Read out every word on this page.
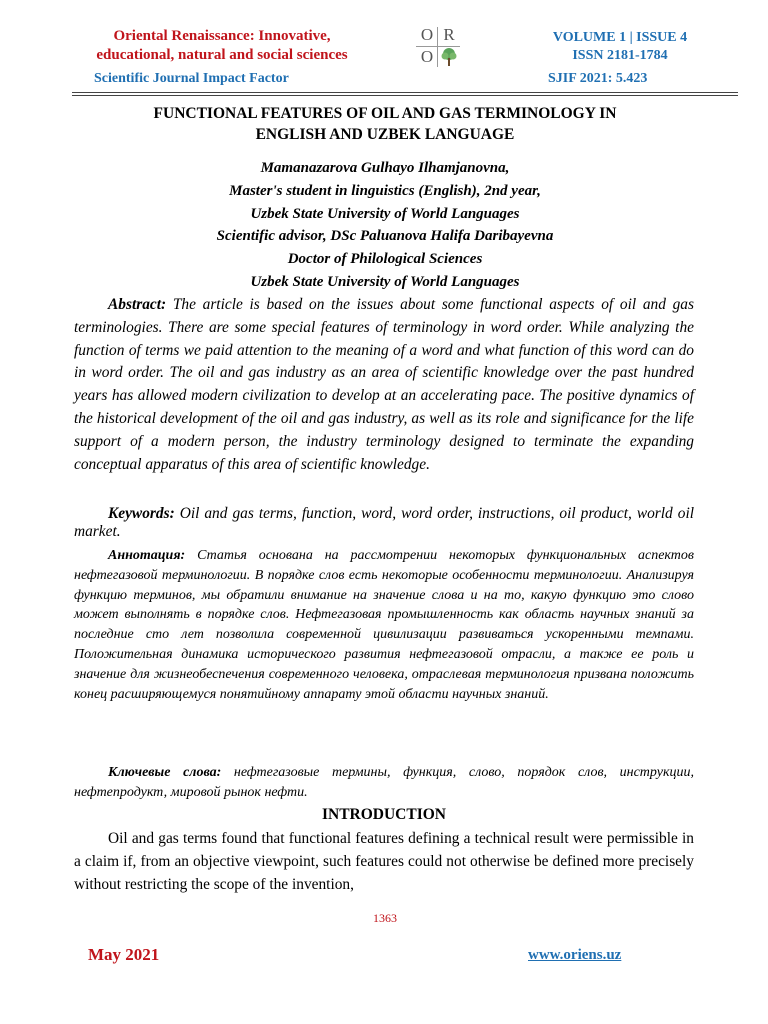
Oriental Renaissance: Innovative,
educational, natural and social sciences
Scientific Journal Impact Factor
O R
O
VOLUME 1 | ISSUE 4
ISSN 2181-1784
SJIF 2021: 5.423
FUNCTIONAL FEATURES OF OIL AND GAS TERMINOLOGY IN
ENGLISH AND UZBEK LANGUAGE
Mamanazarova Gulhayo Ilhamjanovna,
Master's student in linguistics (English), 2nd year,
Uzbek State University of World Languages
Scientific advisor, DSc Paluanova Halifa Daribayevna
Doctor of Philological Sciences
Uzbek State University of World Languages

Abstract: The article is based on the issues about some functional aspects of oil and gas terminologies. There are some special features of terminology in word order. While analyzing the function of terms we paid attention to the meaning of a word and what function of this word can do in word order. The oil and gas industry as an area of scientific knowledge over the past hundred years has allowed modern civilization to develop at an accelerating pace. The positive dynamics of the historical development of the oil and gas industry, as well as its role and significance for the life support of a modern person, the industry terminology designed to terminate the expanding conceptual apparatus of this area of scientific knowledge.

Keywords: Oil and gas terms, function, word, word order, instructions, oil product, world oil market.

Аннотация: Статья основана на рассмотрении некоторых функциональных аспектов нефтегазовой терминологии. В порядке слов есть некоторые особенности терминологии. Анализируя функцию терминов, мы обратили внимание на значение слова и на то, какую функцию это слово может выполнять в порядке слов. Нефтегазовая промышленность как область научных знаний за последние сто лет позволила современной цивилизации развиваться ускоренными темпами. Положительная динамика исторического развития нефтегазовой отрасли, а также ее роль и значение для жизнеобеспечения современного человека, отраслевая терминология призвана положить конец расширяющемуся понятийному аппарату этой области научных знаний.

Ключевые слова: нефтегазовые термины, функция, слово, порядок слов, инструкции, нефтепродукт, мировой рынок нефти.

INTRODUCTION

Oil and gas terms found that functional features defining a technical result were permissible in a claim if, from an objective viewpoint, such features could not otherwise be defined more precisely without restricting the scope of the invention,

1363
May 2021	www.oriens.uz
